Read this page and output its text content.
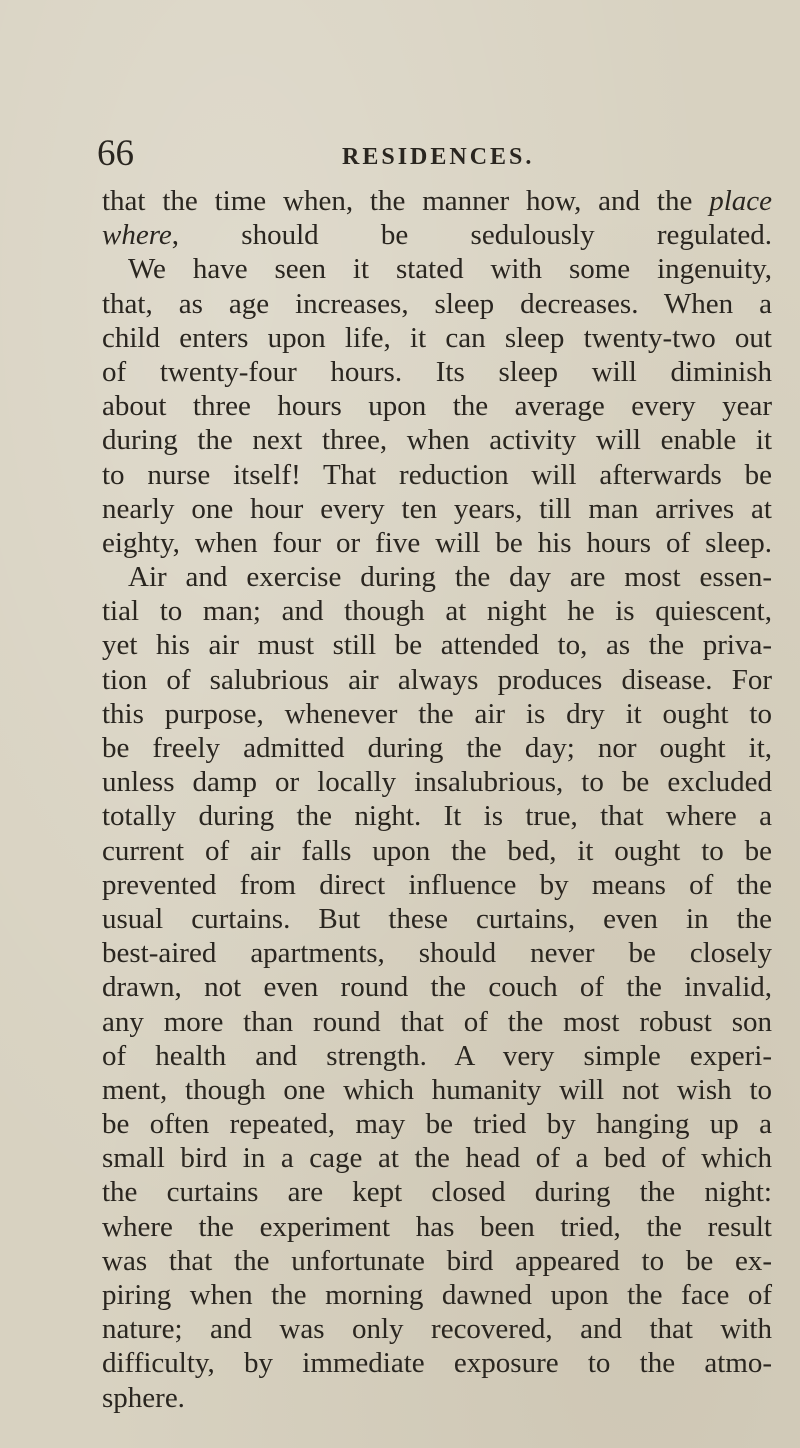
66	RESIDENCES.
that the time when, the manner how, and the place
where, should be sedulously regulated.
We have seen it stated with some ingenuity,
that, as age increases, sleep decreases. When a
child enters upon life, it can sleep twenty-two out
of twenty-four hours. Its sleep will diminish
about three hours upon the average every year
during the next three, when activity will enable it
to nurse itself! That reduction will afterwards be
nearly one hour every ten years, till man arrives at
eighty, when four or five will be his hours of sleep.
Air and exercise during the day are most essen-
tial to man; and though at night he is quiescent,
yet his air must still be attended to, as the priva-
tion of salubrious air always produces disease. For
this purpose, whenever the air is dry it ought to
be freely admitted during the day; nor ought it,
unless damp or locally insalubrious, to be excluded
totally during the night. It is true, that where a
current of air falls upon the bed, it ought to be
prevented from direct influence by means of the
usual curtains. But these curtains, even in the
best-aired apartments, should never be closely
drawn, not even round the couch of the invalid,
any more than round that of the most robust son
of health and strength. A very simple experi-
ment, though one which humanity will not wish to
be often repeated, may be tried by hanging up a
small bird in a cage at the head of a bed of which
the curtains are kept closed during the night:
where the experiment has been tried, the result
was that the unfortunate bird appeared to be ex-
piring when the morning dawned upon the face of
nature; and was only recovered, and that with
difficulty, by immediate exposure to the atmo-
sphere.
